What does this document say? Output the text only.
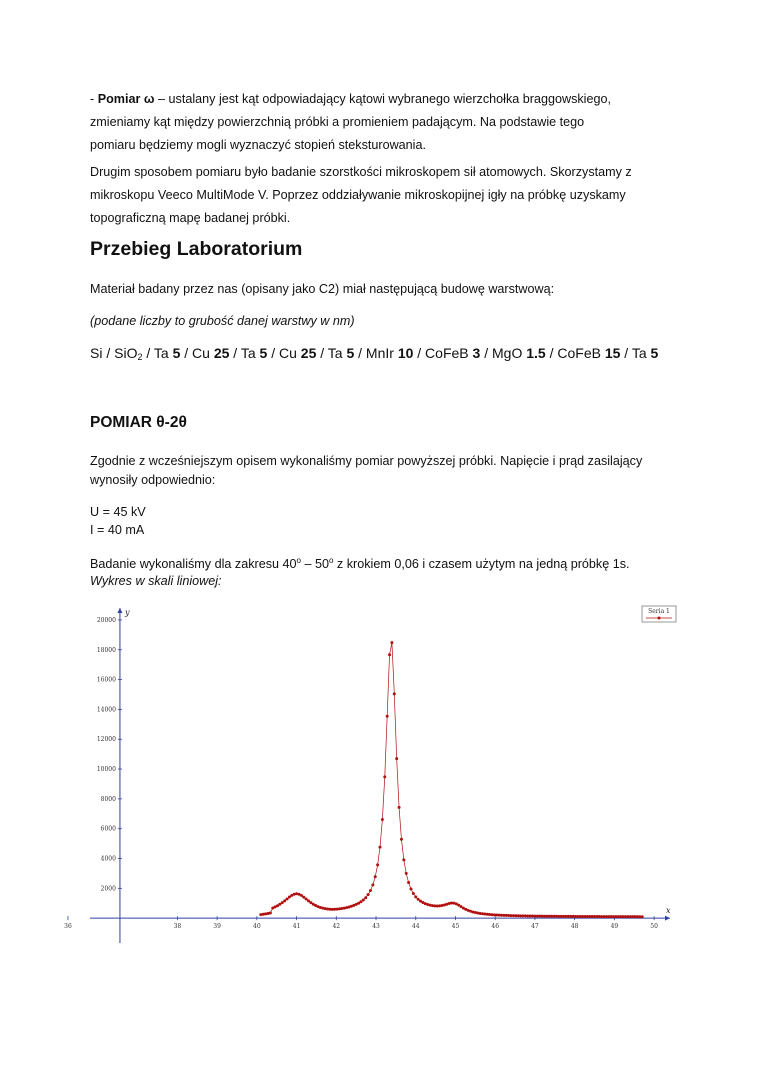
- Pomiar ω – ustalany jest kąt odpowiadający kątowi wybranego wierzchołka braggowskiego,
zmieniamy kąt między powierzchnią próbki a promieniem padającym. Na podstawie tego
pomiaru będziemy mogli wyznaczyć stopień steksturowania.

Drugim sposobem pomiaru było badanie szorstkości mikroskopem sił atomowych. Skorzystamy z
mikroskopu Veeco MultiMode V. Poprzez oddziaływanie mikroskopijnej igły na próbkę uzyskamy
topograficzną mapę badanej próbki.

Przebieg Laboratorium

Materiał badany przez nas (opisany jako C2) miał następującą budowę warstwową:

(podane liczby to grubość danej warstwy w nm)

Si / SiO$_2$ / Ta 5 / Cu 25 / Ta 5 / Cu 25 / Ta 5 / MnIr 10 / CoFeB 3 / MgO 1.5 / CoFeB 15 / Ta 5

POMIAR θ-2θ

Zgodnie z wcześniejszym opisem wykonaliśmy pomiar powyższej próbki. Napięcie i prąd zasilający
wynosiły odpowiednio:

U = 45 kV

I = 40 mA

Badanie wykonaliśmy dla zakresu 40$^o$ – 50$^o$ z krokiem 0,06 i czasem użytym na jedną próbkę 1s.

Wykres w skali liniowej:

x
y
36	38	39	40	41	42	43	44	45	46	47	48	49	50
2000
4000
6000
8000
10000
12000
14000
16000
18000
20000
Seria 1
